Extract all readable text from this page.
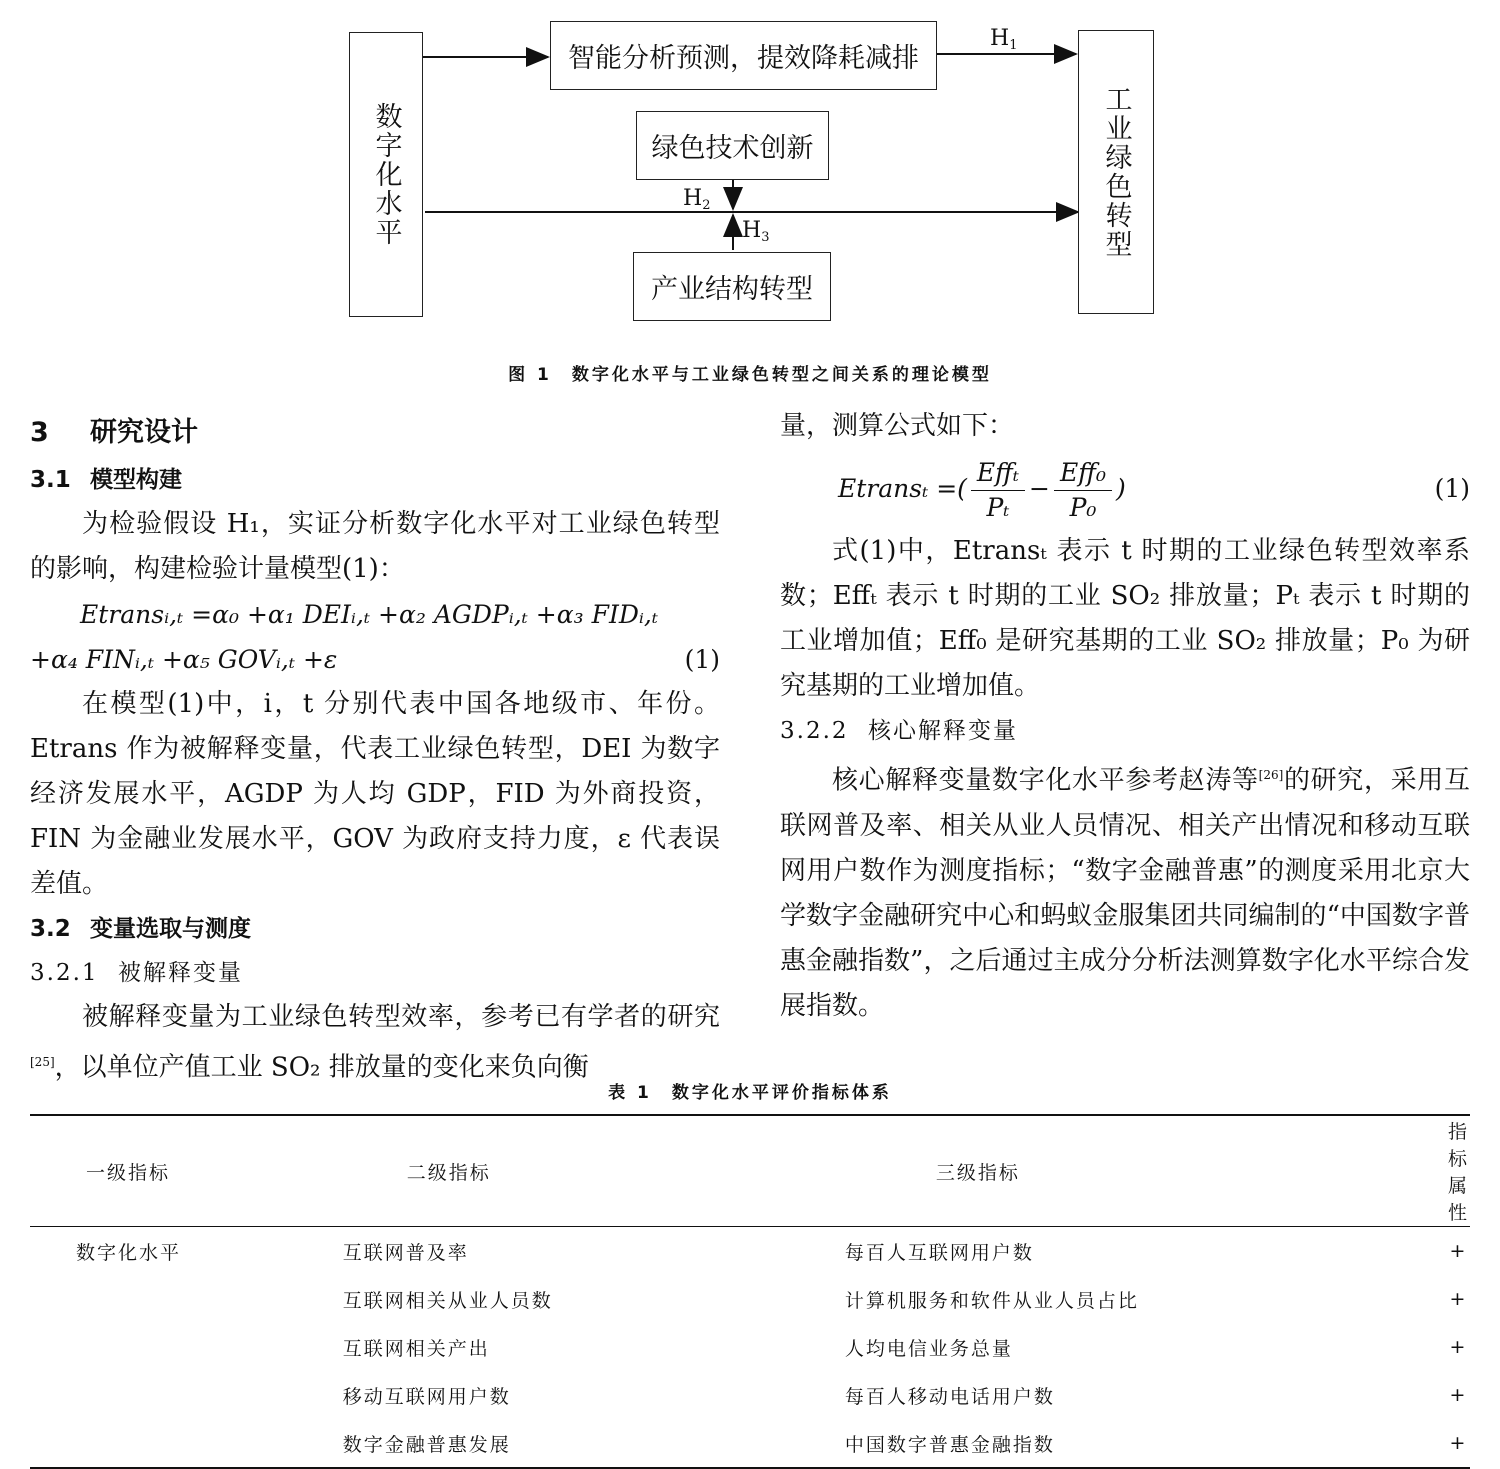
数字化水平	工业绿色转型
智能分析预测，提效降耗减排
绿色技术创新
产业结构转型
$H_1$
$H_2$
$H_3$
图 1　数字化水平与工业绿色转型之间关系的理论模型
3 研究设计
3.1 模型构建

为检验假设 H₁，实证分析数字化水平对工业绿色转型的影响，构建检验计量模型(1)：

Etransᵢ,ₜ =α₀ +α₁ DEIᵢ,ₜ +α₂ AGDPᵢ,ₜ +α₃ FIDᵢ,ₜ
+α₄ FINᵢ,ₜ +α₅ GOVᵢ,ₜ +ε	(1)

在模型(1)中，i，t 分别代表中国各地级市、年份。Etrans 作为被解释变量，代表工业绿色转型，DEI 为数字经济发展水平，AGDP 为人均 GDP，FID 为外商投资，FIN 为金融业发展水平，GOV 为政府支持力度，ε 代表误差值。

3.2 变量选取与测度
3.2.1 被解释变量

被解释变量为工业绿色转型效率，参考已有学者的研究[25]，以单位产值工业 SO₂ 排放量的变化来负向衡

量，测算公式如下：

Etransₜ =( $\frac{\text{Effₜ}}{\text{Pₜ}} - \frac{\text{Eff₀}}{\text{P₀}}$ )	(1)

式(1)中，Etransₜ 表示 t 时期的工业绿色转型效率系数；Effₜ 表示 t 时期的工业 SO₂ 排放量；Pₜ 表示 t 时期的工业增加值；Eff₀ 是研究基期的工业 SO₂ 排放量；P₀ 为研究基期的工业增加值。

3.2.2 核心解释变量

核心解释变量数字化水平参考赵涛等[26]的研究，采用互联网普及率、相关从业人员情况、相关产出情况和移动互联网用户数作为测度指标；“数字金融普惠”的测度采用北京大学数字金融研究中心和蚂蚁金服集团共同编制的“中国数字普惠金融指数”，之后通过主成分分析法测算数字化水平综合发展指数。

表 1　数字化水平评价指标体系
一级指标	二级指标	三级指标	指标属性
数字化水平	互联网普及率	每百人互联网用户数	+
	互联网相关从业人员数	计算机服务和软件从业人员占比	+
	互联网相关产出	人均电信业务总量	+
	移动互联网用户数	每百人移动电话用户数	+
	数字金融普惠发展	中国数字普惠金融指数	+
